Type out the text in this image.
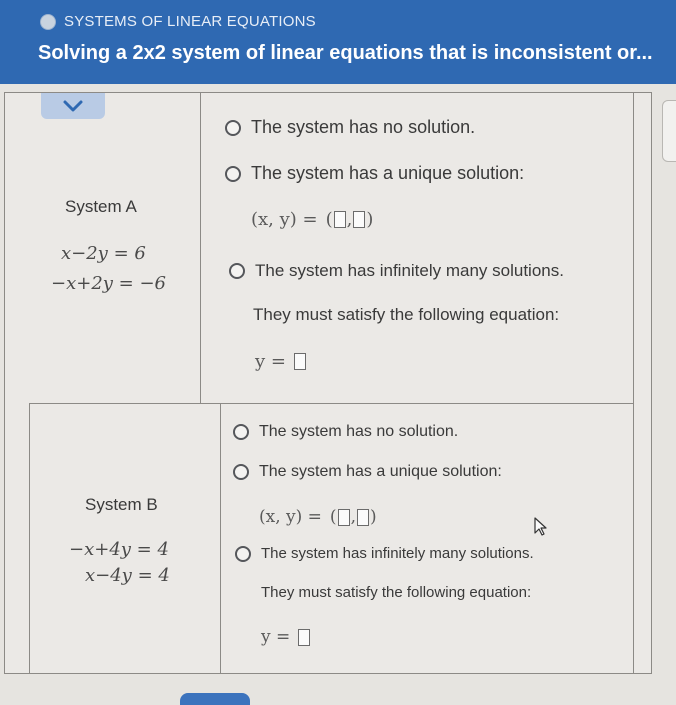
SYSTEMS OF LINEAR EQUATIONS
Solving a 2x2 system of linear equations that is inconsistent or...
System A
x−2y = 6
−x+2y = −6
The system has no solution.
The system has a unique solution:
(x, y) = ( , )
The system has infinitely many solutions.
They must satisfy the following equation:
y =
System B
−x+4y = 4
x−4y = 4
The system has no solution.
The system has a unique solution:
(x, y) = ( , )
The system has infinitely many solutions.
They must satisfy the following equation:
y =
